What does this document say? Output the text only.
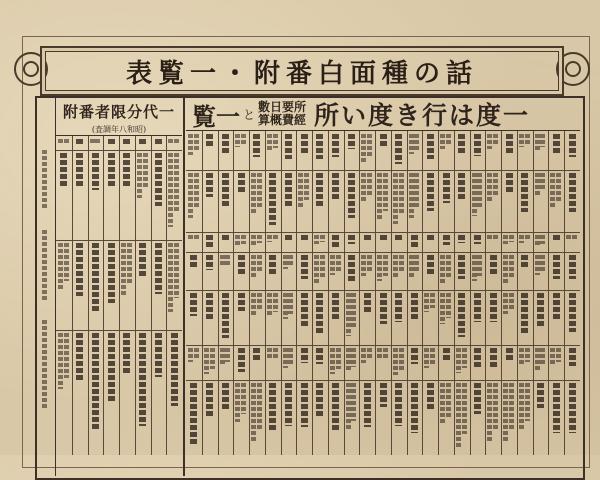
表覧一・附番白面種の話
附番者限分代一
(査調年八和昭)	覧一 と
數日要所
算概費經 所い度き行は度一
